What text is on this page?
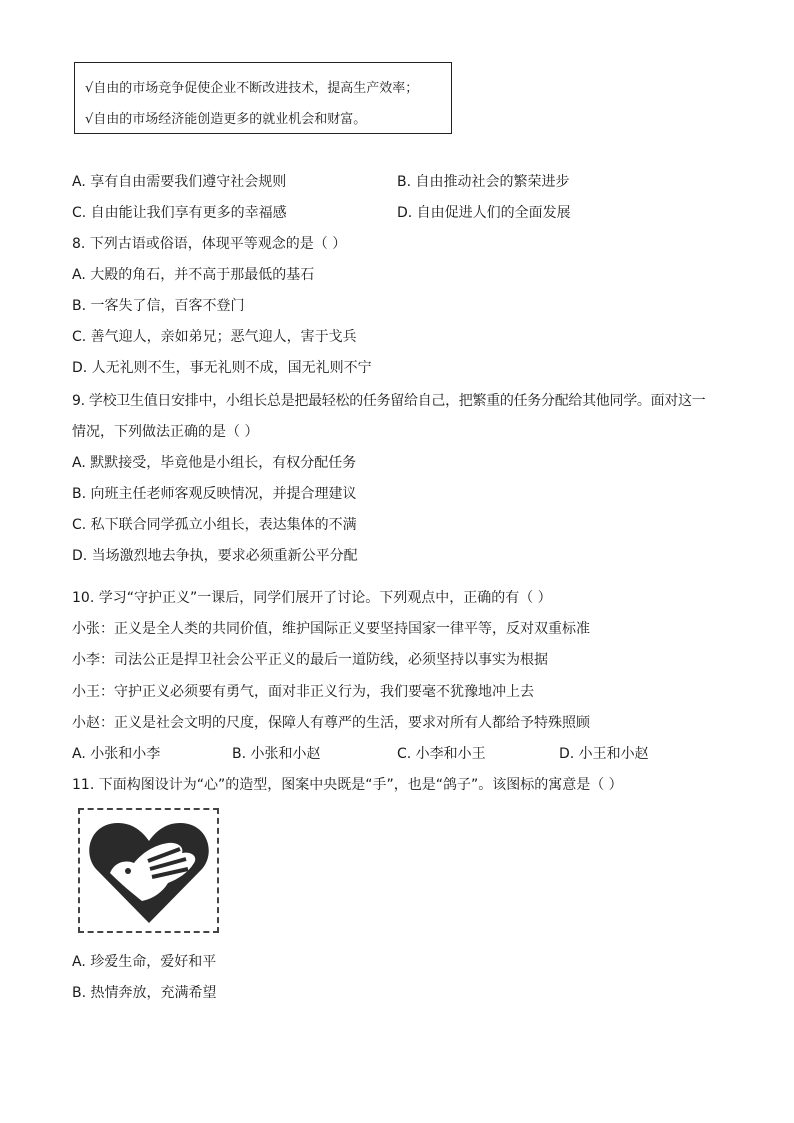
√自由的市场竞争促使企业不断改进技术，提高生产效率；
√自由的市场经济能创造更多的就业机会和财富。
A. 享有自由需要我们遵守社会规则	B. 自由推动社会的繁荣进步
C. 自由能让我们享有更多的幸福感	D. 自由促进人们的全面发展
8. 下列古语或俗语，体现平等观念的是（ ）
A. 大殿的角石，并不高于那最低的基石
B. 一客失了信，百客不登门
C. 善气迎人，亲如弟兄；恶气迎人，害于戈兵
D. 人无礼则不生，事无礼则不成，国无礼则不宁
9. 学校卫生值日安排中，小组长总是把最轻松的任务留给自己，把繁重的任务分配给其他同学。面对这一
情况，下列做法正确的是（ ）
A. 默默接受，毕竟他是小组长，有权分配任务
B. 向班主任老师客观反映情况，并提合理建议
C. 私下联合同学孤立小组长，表达集体的不满
D. 当场激烈地去争执，要求必须重新公平分配
10. 学习“守护正义”一课后，同学们展开了讨论。下列观点中，正确的有（ ）
小张：正义是全人类的共同价值，维护国际正义要坚持国家一律平等，反对双重标准
小李：司法公正是捍卫社会公平正义的最后一道防线，必须坚持以事实为根据
小王：守护正义必须要有勇气，面对非正义行为，我们要毫不犹豫地冲上去
小赵：正义是社会文明的尺度，保障人有尊严的生活，要求对所有人都给予特殊照顾
A. 小张和小李	B. 小张和小赵	C. 小李和小王	D. 小王和小赵
11. 下面构图设计为“心”的造型，图案中央既是“手”，也是“鸽子”。该图标的寓意是（ ）
A. 珍爱生命，爱好和平
B. 热情奔放，充满希望
